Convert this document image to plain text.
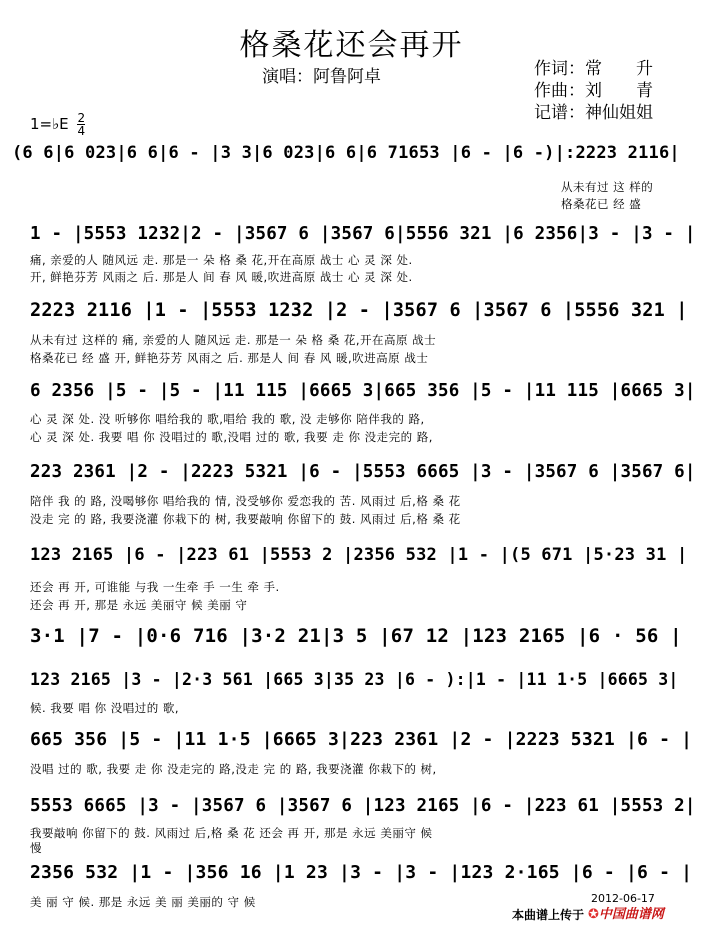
格桑花还会再开
演唱：阿鲁阿卓	作词：常　　升
作曲：刘　　青
记谱：神仙姐姐
1=♭E $\frac{2}{4}$
(6 6|6 023|6 6|6 - |3 3|6 023|6 6|6 71653 |6 - |6 -)|:2223 2116|
从未有过 这 样的
格桑花已 经 盛
1 - |5553 1232|2 - |3567 6 |3567 6|5556 321 |6 2356|3 - |3 - |
痛, 亲爱的人 随风远 走. 那是一 朵 格 桑 花,开在高原 战士 心 灵 深 处.
开, 鲜艳芬芳 风雨之 后. 那是人 间 春 风 暖,吹进高原 战士 心 灵 深 处.
2223 2116 |1 - |5553 1232 |2 - |3567 6 |3567 6 |5556 321 |
从未有过 这样的 痛, 亲爱的人 随风远 走. 那是一 朵 格 桑 花,开在高原 战士
格桑花已 经 盛 开, 鲜艳芬芳 风雨之 后. 那是人 间 春 风 暖,吹进高原 战士
6 2356 |5 - |5 - |11 115 |6665 3|665 356 |5 - |11 115 |6665 3|
心 灵 深 处. 没 听够你 唱给我的 歌,唱给 我的 歌, 没 走够你 陪伴我的 路,
心 灵 深 处. 我要 唱 你 没唱过的 歌,没唱 过的 歌, 我要 走 你 没走完的 路,
223 2361 |2 - |2223 5321 |6 - |5553 6665 |3 - |3567 6 |3567 6|
陪伴 我 的 路, 没喝够你 唱给我的 情, 没受够你 爱恋我的 苦. 风雨过 后,格 桑 花
没走 完 的 路, 我要浇灌 你栽下的 树, 我要敲响 你留下的 鼓. 风雨过 后,格 桑 花
123 2165 |6 - |223 61 |5553 2 |2356 532 |1 - |(5 671 |5·23 31 |
还会 再 开, 可谁能 与我 一生牵 手 一生 牵 手.
还会 再 开, 那是 永远 美丽守 候 美丽 守
3·1 |7 - |0·6 716 |3·2 21|3 5 |67 12 |123 2165 |6 · 56 |
123 2165 |3 - |2·3 561 |665 3|35 23 |6 - ):|1 - |11 1·5 |6665 3|
候. 我要 唱 你 没唱过的 歌,
665 356 |5 - |11 1·5 |6665 3|223 2361 |2 - |2223 5321 |6 - |
没唱 过的 歌, 我要 走 你 没走完的 路,没走 完 的 路, 我要浇灌 你栽下的 树,
5553 6665 |3 - |3567 6 |3567 6 |123 2165 |6 - |223 61 |5553 2|
我要敲响 你留下的 鼓. 风雨过 后,格 桑 花 还会 再 开, 那是 永远 美丽守 候
慢
2356 532 |1 - |356 16 |1 23 |3 - |3 - |123 2·165 |6 - |6 - |
美 丽 守 候. 那是 永远 美 丽 美丽的 守 候	2012-06-17
本曲谱上传于 ✪中国曲谱网
